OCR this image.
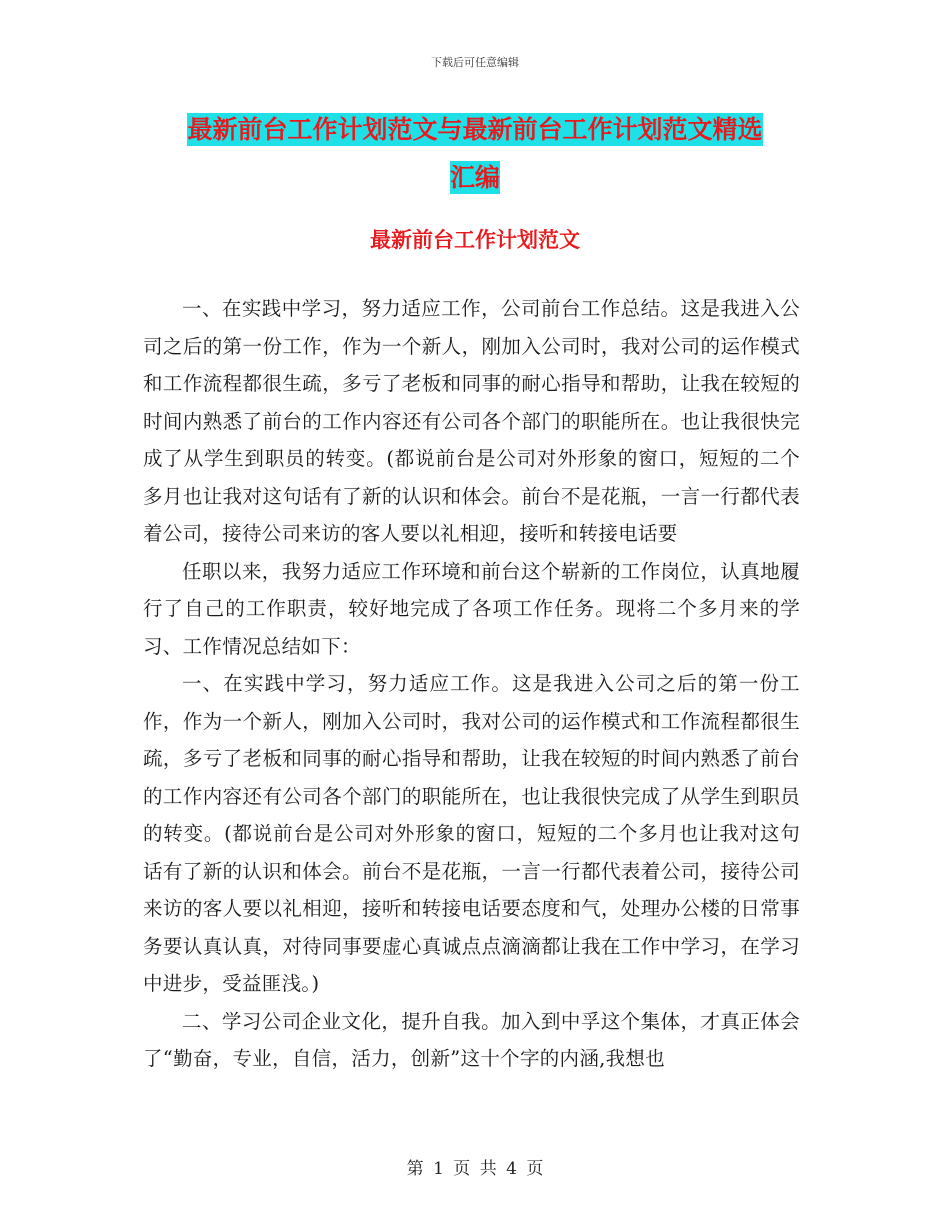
下载后可任意编辑
最新前台工作计划范文与最新前台工作计划范文精选
汇编
最新前台工作计划范文

一、在实践中学习，努力适应工作，公司前台工作总结。这是我进入公司之后的第一份工作，作为一个新人，刚加入公司时，我对公司的运作模式和工作流程都很生疏，多亏了老板和同事的耐心指导和帮助，让我在较短的时间内熟悉了前台的工作内容还有公司各个部门的职能所在。也让我很快完成了从学生到职员的转变。(都说前台是公司对外形象的窗口，短短的二个多月也让我对这句话有了新的认识和体会。前台不是花瓶，一言一行都代表着公司，接待公司来访的客人要以礼相迎，接听和转接电话要

任职以来，我努力适应工作环境和前台这个崭新的工作岗位，认真地履行了自己的工作职责，较好地完成了各项工作任务。现将二个多月来的学习、工作情况总结如下：

一、在实践中学习，努力适应工作。这是我进入公司之后的第一份工作，作为一个新人，刚加入公司时，我对公司的运作模式和工作流程都很生疏，多亏了老板和同事的耐心指导和帮助，让我在较短的时间内熟悉了前台的工作内容还有公司各个部门的职能所在，也让我很快完成了从学生到职员的转变。(都说前台是公司对外形象的窗口，短短的二个多月也让我对这句话有了新的认识和体会。前台不是花瓶，一言一行都代表着公司，接待公司来访的客人要以礼相迎，接听和转接电话要态度和气，处理办公楼的日常事务要认真认真，对待同事要虚心真诚点点滴滴都让我在工作中学习，在学习中进步，受益匪浅。)

二、学习公司企业文化，提升自我。加入到中孚这个集体，才真正体会了“勤奋，专业，自信，活力，创新”这十个字的内涵,我想也

第 1 页 共 4 页
